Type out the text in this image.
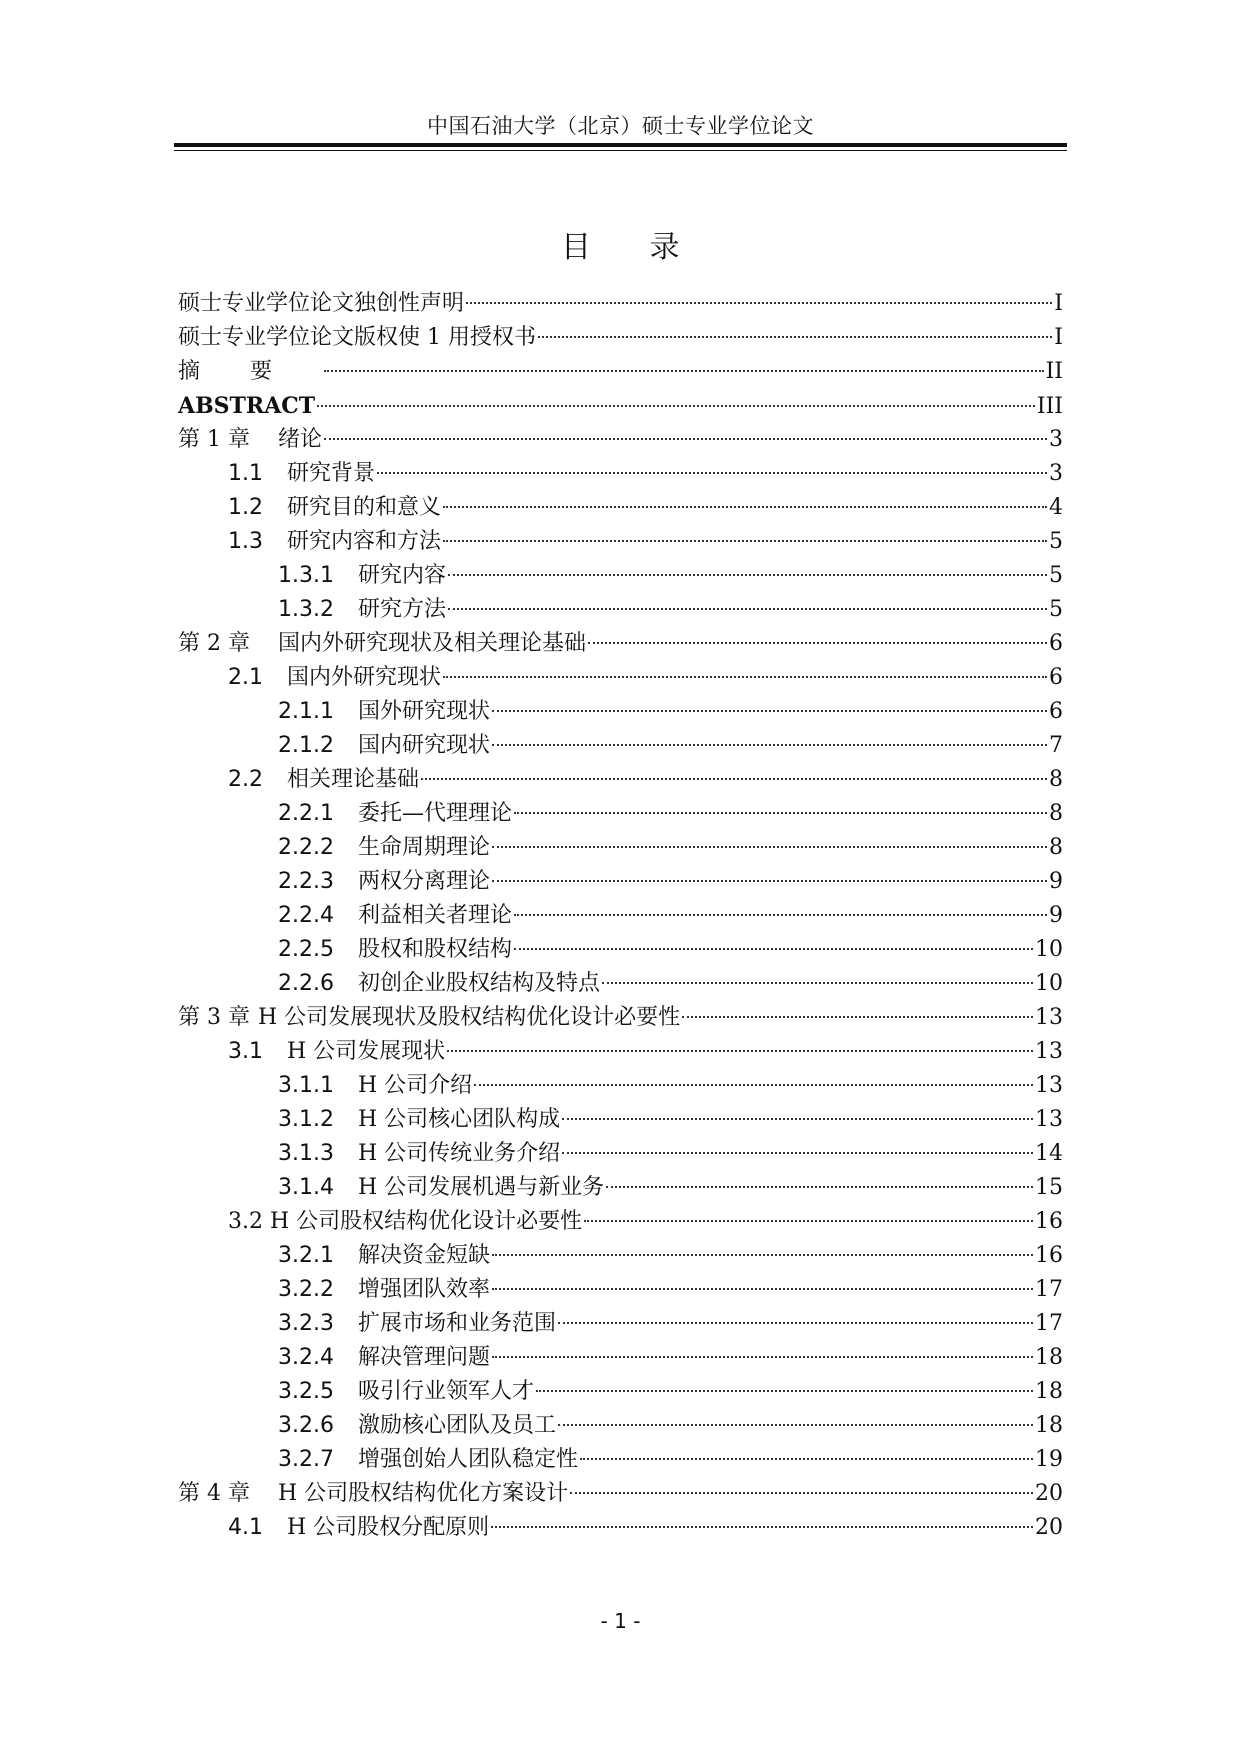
中国石油大学（北京）硕士专业学位论文
目 录
硕士专业学位论文独创性声明	I
硕士专业学位论文版权使 1 用授权书	I
摘要	II
ABSTRACT	III
第 1 章	绪论	3
1.1	研究背景	3
1.2	研究目的和意义	4
1.3	研究内容和方法	5
1.3.1	研究内容	5
1.3.2	研究方法	5
第 2 章	国内外研究现状及相关理论基础	6
2.1	国内外研究现状	6
2.1.1	国外研究现状	6
2.1.2	国内研究现状	7
2.2	相关理论基础	8
2.2.1	委托—代理理论	8
2.2.2	生命周期理论	8
2.2.3	两权分离理论	9
2.2.4	利益相关者理论	9
2.2.5	股权和股权结构	10
2.2.6	初创企业股权结构及特点	10
第 3 章 H 公司发展现状及股权结构优化设计必要性	13
3.1	H 公司发展现状	13
3.1.1	H 公司介绍	13
3.1.2	H 公司核心团队构成	13
3.1.3	H 公司传统业务介绍	14
3.1.4	H 公司发展机遇与新业务	15
3.2 H 公司股权结构优化设计必要性	16
3.2.1	解决资金短缺	16
3.2.2	增强团队效率	17
3.2.3	扩展市场和业务范围	17
3.2.4	解决管理问题	18
3.2.5	吸引行业领军人才	18
3.2.6	激励核心团队及员工	18
3.2.7	增强创始人团队稳定性	19
第 4 章	H 公司股权结构优化方案设计	20
4.1	H 公司股权分配原则	20
- 1 -
